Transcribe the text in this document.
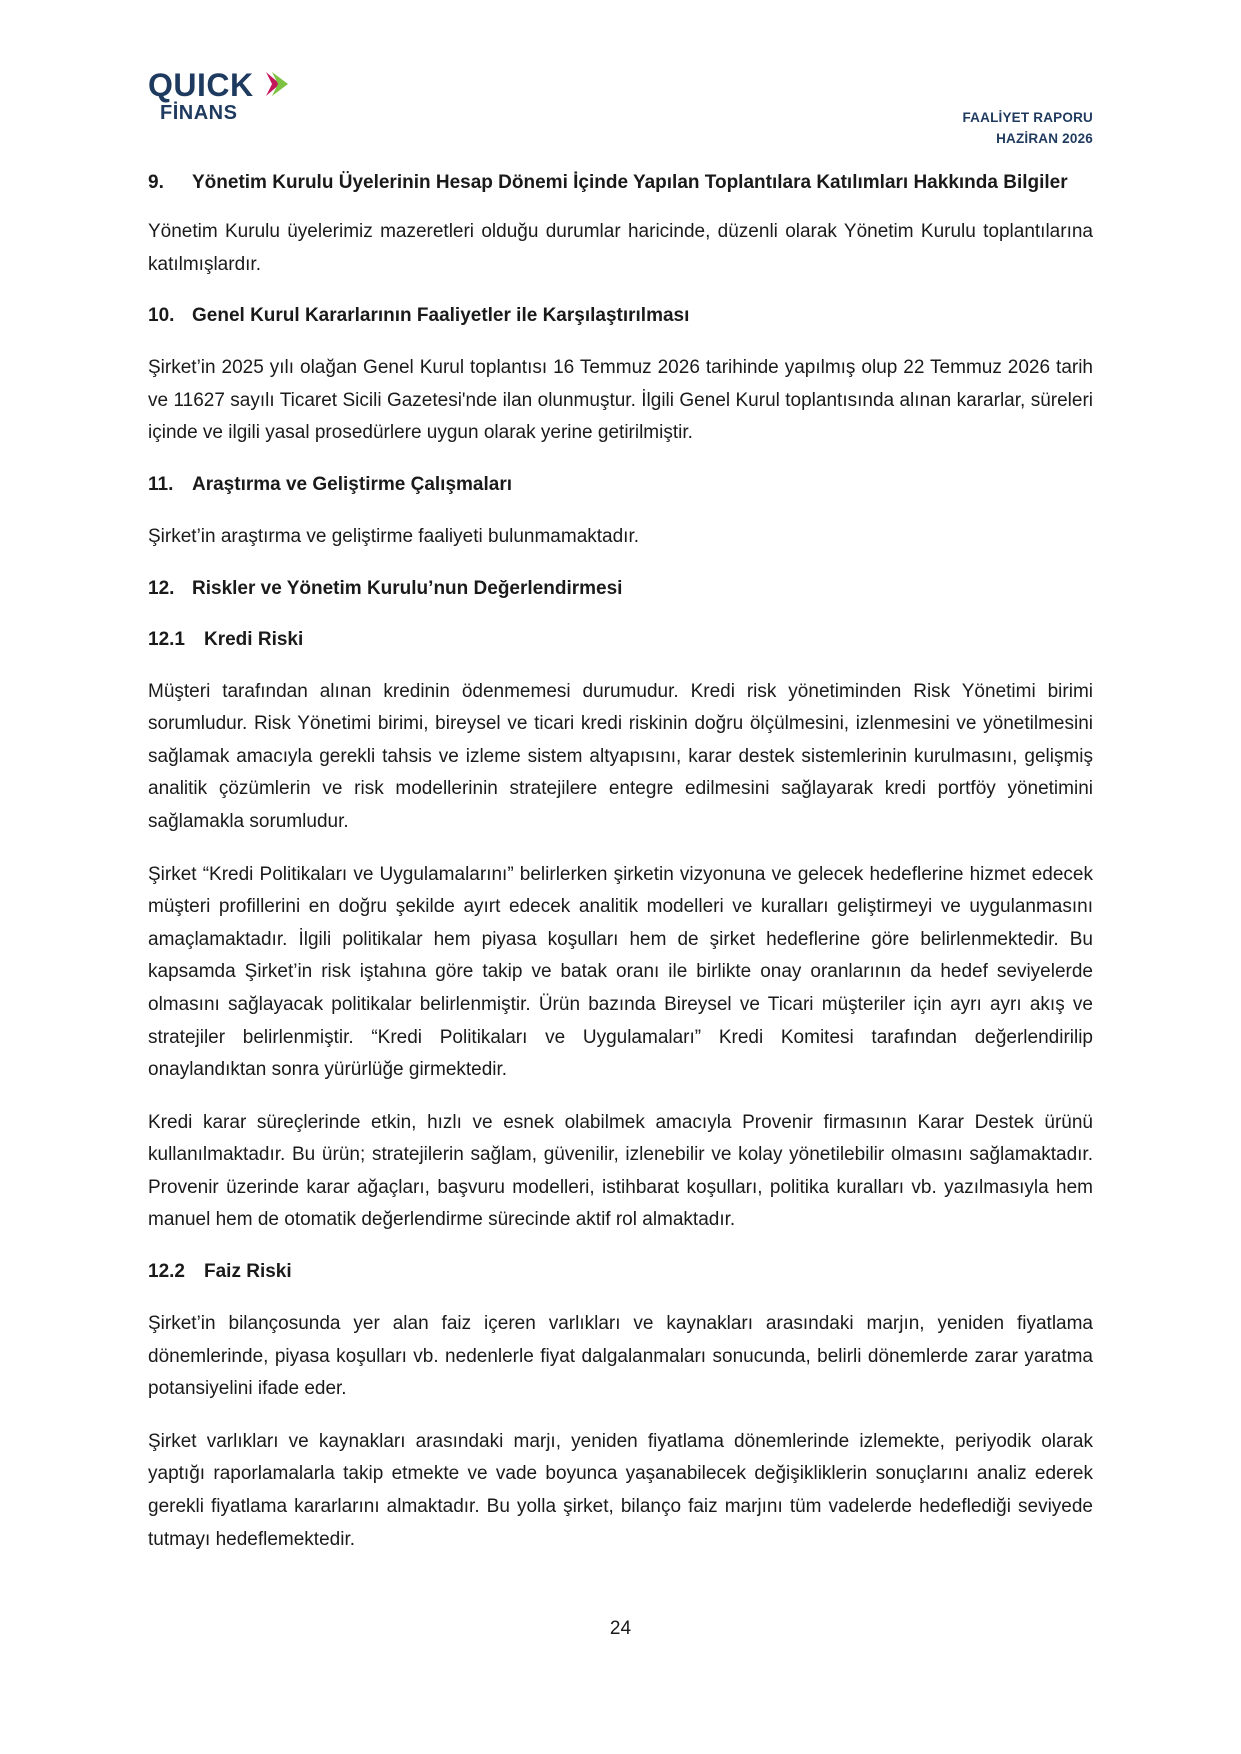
QUICK
FİNANS	FAALİYET RAPORU
HAZİRAN 2026
9.	Yönetim Kurulu Üyelerinin Hesap Dönemi İçinde Yapılan Toplantılara Katılımları Hakkında Bilgiler

Yönetim Kurulu üyelerimiz mazeretleri olduğu durumlar haricinde, düzenli olarak Yönetim Kurulu toplantılarına katılmışlardır.

10. Genel Kurul Kararlarının Faaliyetler ile Karşılaştırılması

Şirket’in 2025 yılı olağan Genel Kurul toplantısı 16 Temmuz 2026 tarihinde yapılmış olup 22 Temmuz 2026 tarih ve 11627 sayılı Ticaret Sicili Gazetesi'nde ilan olunmuştur. İlgili Genel Kurul toplantısında alınan kararlar, süreleri içinde ve ilgili yasal prosedürlere uygun olarak yerine getirilmiştir.

11. Araştırma ve Geliştirme Çalışmaları

Şirket’in araştırma ve geliştirme faaliyeti bulunmamaktadır.

12. Riskler ve Yönetim Kurulu’nun Değerlendirmesi
12.1	Kredi Riski

Müşteri tarafından alınan kredinin ödenmemesi durumudur. Kredi risk yönetiminden Risk Yönetimi birimi sorumludur. Risk Yönetimi birimi, bireysel ve ticari kredi riskinin doğru ölçülmesini, izlenmesini ve yönetilmesini sağlamak amacıyla gerekli tahsis ve izleme sistem altyapısını, karar destek sistemlerinin kurulmasını, gelişmiş analitik çözümlerin ve risk modellerinin stratejilere entegre edilmesini sağlayarak kredi portföy yönetimini sağlamakla sorumludur.

Şirket “Kredi Politikaları ve Uygulamalarını” belirlerken şirketin vizyonuna ve gelecek hedeflerine hizmet edecek müşteri profillerini en doğru şekilde ayırt edecek analitik modelleri ve kuralları geliştirmeyi ve uygulanmasını amaçlamaktadır. İlgili politikalar hem piyasa koşulları hem de şirket hedeflerine göre belirlenmektedir. Bu kapsamda Şirket’in risk iştahına göre takip ve batak oranı ile birlikte onay oranlarının da hedef seviyelerde olmasını sağlayacak politikalar belirlenmiştir. Ürün bazında Bireysel ve Ticari müşteriler için ayrı ayrı akış ve stratejiler belirlenmiştir. “Kredi Politikaları ve Uygulamaları” Kredi Komitesi tarafından değerlendirilip onaylandıktan sonra yürürlüğe girmektedir.

Kredi karar süreçlerinde etkin, hızlı ve esnek olabilmek amacıyla Provenir firmasının Karar Destek ürünü kullanılmaktadır. Bu ürün; stratejilerin sağlam, güvenilir, izlenebilir ve kolay yönetilebilir olmasını sağlamaktadır. Provenir üzerinde karar ağaçları, başvuru modelleri, istihbarat koşulları, politika kuralları vb. yazılmasıyla hem manuel hem de otomatik değerlendirme sürecinde aktif rol almaktadır.

12.2	Faiz Riski

Şirket’in bilançosunda yer alan faiz içeren varlıkları ve kaynakları arasındaki marjın, yeniden fiyatlama dönemlerinde, piyasa koşulları vb. nedenlerle fiyat dalgalanmaları sonucunda, belirli dönemlerde zarar yaratma potansiyelini ifade eder.

Şirket varlıkları ve kaynakları arasındaki marjı, yeniden fiyatlama dönemlerinde izlemekte, periyodik olarak yaptığı raporlamalarla takip etmekte ve vade boyunca yaşanabilecek değişikliklerin sonuçlarını analiz ederek gerekli fiyatlama kararlarını almaktadır. Bu yolla şirket, bilanço faiz marjını tüm vadelerde hedeflediği seviyede tutmayı hedeflemektedir.

24
